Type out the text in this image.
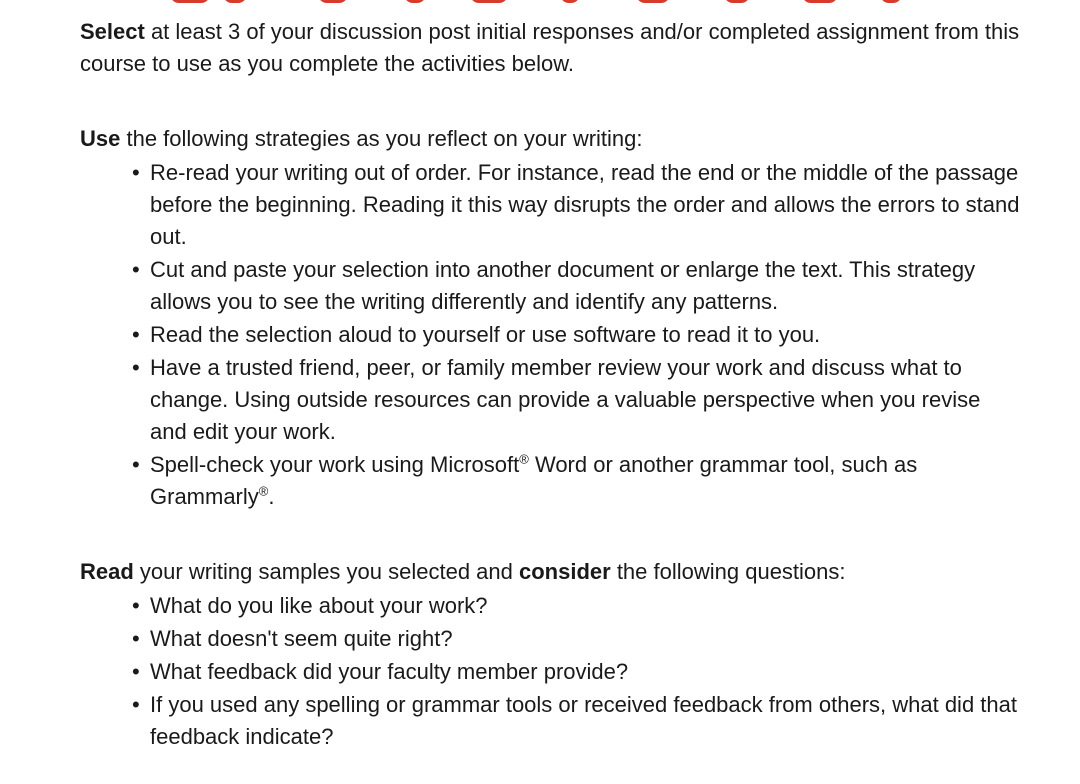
Select at least 3 of your discussion post initial responses and/or completed assignment from this course to use as you complete the activities below.

Use the following strategies as you reflect on your writing:

• Re-read your writing out of order. For instance, read the end or the middle of the passage before the beginning. Reading it this way disrupts the order and allows the errors to stand out.
• Cut and paste your selection into another document or enlarge the text. This strategy allows you to see the writing differently and identify any patterns.
• Read the selection aloud to yourself or use software to read it to you.
• Have a trusted friend, peer, or family member review your work and discuss what to change. Using outside resources can provide a valuable perspective when you revise and edit your work.
• Spell-check your work using Microsoft® Word or another grammar tool, such as Grammarly®.

Read your writing samples you selected and consider the following questions:

• What do you like about your work?
• What doesn't seem quite right?
• What feedback did your faculty member provide?
• If you used any spelling or grammar tools or received feedback from others, what did that feedback indicate?
